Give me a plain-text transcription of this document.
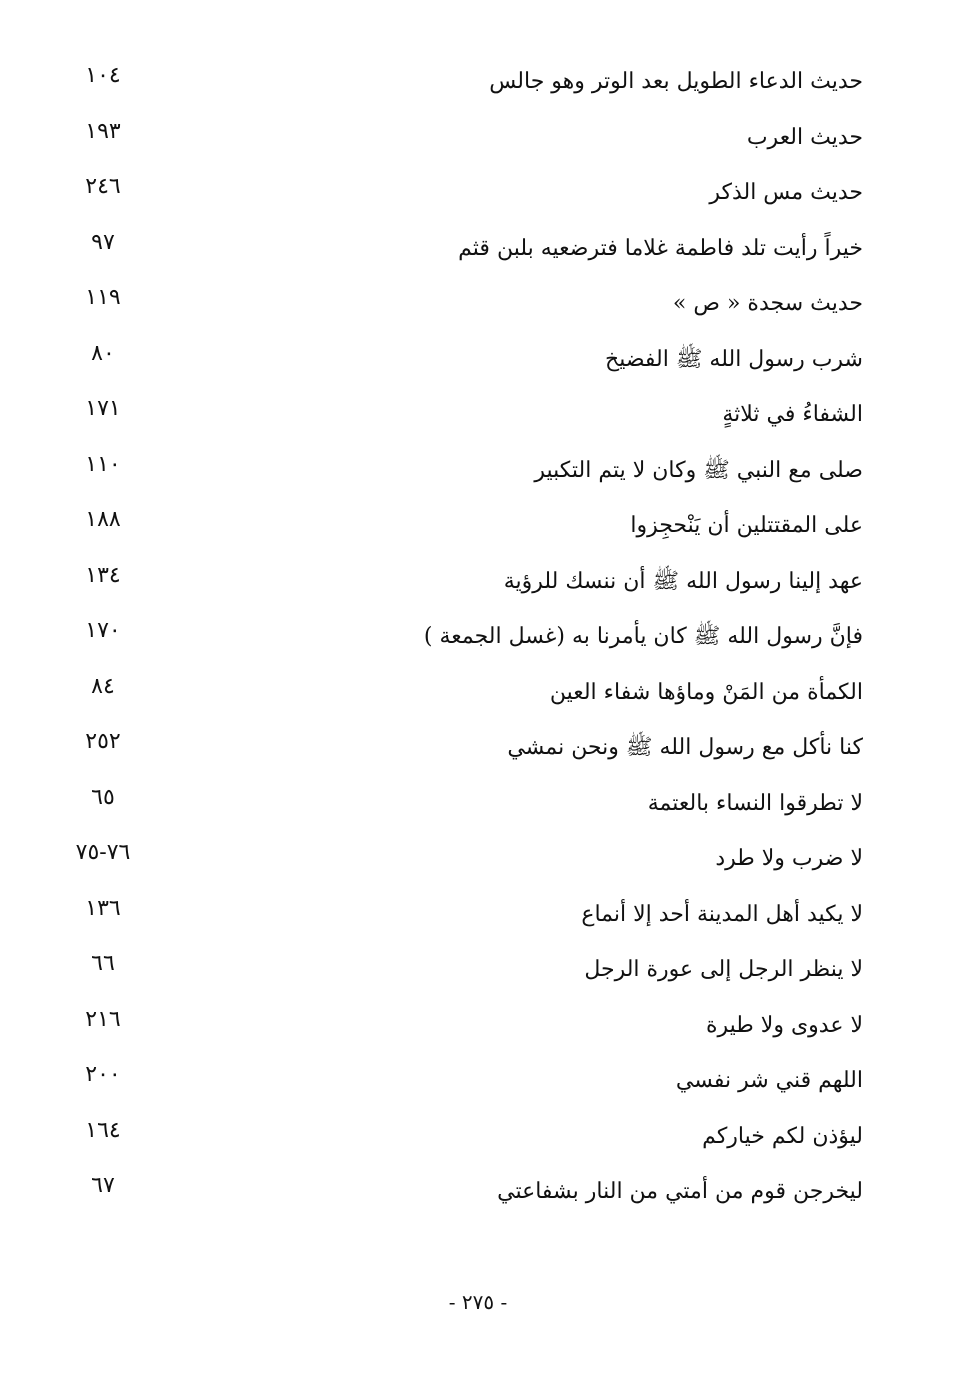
حديث الدعاء الطويل بعد الوتر وهو جالس
١٠٤
حديث العرب
١٩٣
حديث مس الذكر
٢٤٦
خيراً رأيت تلد فاطمة غلاما فترضعيه بلبن قثم
٩٧
حديث سجدة « ص »
١١٩
شرب رسول الله ﷺ الفضيخ
٨٠
الشفاءُ في ثلاثةٍ
١٧١
صلى مع النبي ﷺ وكان لا يتم التكبير
١١٠
على المقتتلين أن يَنْحجِزوا
١٨٨
عهد إلينا رسول الله ﷺ أن ننسك للرؤية
١٣٤
فإنَّ رسول الله ﷺ كان يأمرنا به (غسل الجمعة )
١٧٠
الكمأة من المَنْ وماؤها شفاء العين
٨٤
كنا نأكل مع رسول الله ﷺ ونحن نمشي
٢٥٢
لا تطرقوا النساء بالعتمة
٦٥
لا ضرب ولا طرد
٧٦-٧٥
لا يكيد أهل المدينة أحد إلا أنماع
١٣٦
لا ينظر الرجل إلى عورة الرجل
٦٦
لا عدوى ولا طيرة
٢١٦
اللهم قني شر نفسي
٢٠٠
ليؤذن لكم خياركم
١٦٤
ليخرجن قوم من أمتي من النار بشفاعتي
٦٧
- ٢٧٥ -
